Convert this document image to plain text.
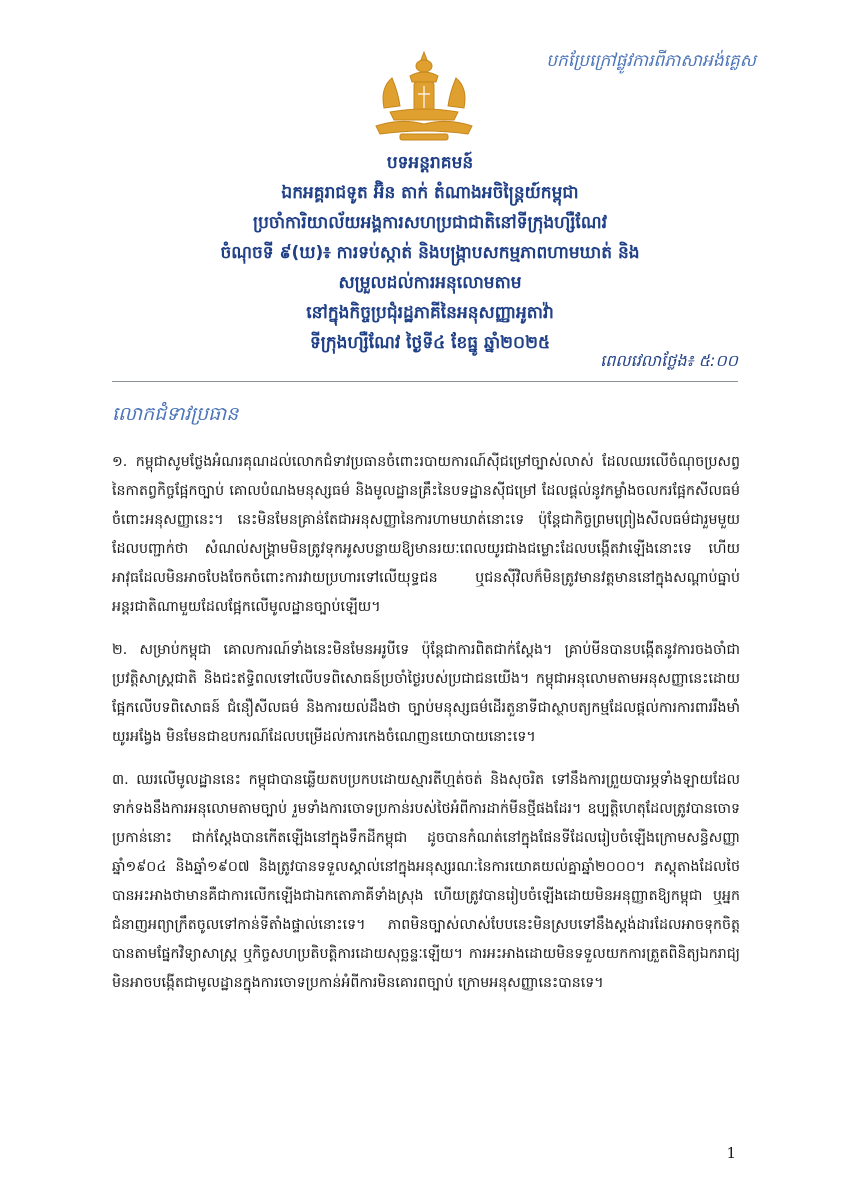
បកប្រែក្រៅផ្លូវការពីភាសាអង់គ្លេស
បទអន្តរាគមន៍
ឯកអគ្គរាជទូត អ៊ិន តាក់ តំណាងអចិន្ត្រៃយ៍កម្ពុជា
ប្រចាំការិយាល័យអង្គការសហប្រជាជាតិនៅទីក្រុងហ្សឺណែវ
ចំណុចទី ៩(ឃ)៖ ការទប់ស្កាត់ និងបង្ក្រាបសកម្មភាពហាមឃាត់ និង
សម្រួលដល់ការអនុលោមតាម
នៅក្នុងកិច្ចប្រជុំរដ្ឋភាគីនៃអនុសញ្ញាអូតាវ៉ា
ទីក្រុងហ្សឺណែវ ថ្ងៃទី៤ ខែធ្នូ ឆ្នាំ២០២៥
ពេលវេលាថ្លែង៖ ៥:០០
លោកជំទាវប្រធាន

១. កម្ពុជាសូមថ្លែងអំណរគុណដល់លោកជំទាវប្រធានចំពោះរបាយការណ៍ស៊ីជម្រៅច្បាស់លាស់ ដែលឈរលើចំណុចប្រសព្វនៃកាតព្វកិច្ចផ្អែកច្បាប់ គោលបំណងមនុស្សធម៌ និងមូលដ្ឋានគ្រឹះនៃបទដ្ឋានស៊ីជម្រៅ ដែលផ្តល់នូវកម្លាំងចលករផ្អែកសីលធម៌ចំពោះអនុសញ្ញានេះ។ នេះមិនមែនគ្រាន់តែជាអនុសញ្ញានៃការហាមឃាត់នោះទេ ប៉ុន្តែជាកិច្ចព្រមព្រៀងសីលធម៌ជារួមមួយ ដែលបញ្ជាក់ថា សំណល់សង្គ្រាមមិនត្រូវទុកអូសបន្លាយឱ្យមានរយៈពេលយូរជាងជម្លោះដែលបង្កើតវាឡើងនោះទេ ហើយអាវុធដែលមិនអាចបែងចែកចំពោះការវាយប្រហារទៅលើយុទ្ធជន ឬជនស៊ីវិលក៏មិនត្រូវមានវត្តមាននៅក្នុងសណ្តាប់ធ្នាប់អន្តរជាតិណាមួយដែលផ្អែកលើមូលដ្ឋានច្បាប់ឡើយ។

២. សម្រាប់កម្ពុជា គោលការណ៍ទាំងនេះមិនមែនអរូបីទេ ប៉ុន្តែជាការពិតជាក់ស្តែង។ គ្រាប់មីនបានបង្កើតនូវការចងចាំជាប្រវត្តិសាស្ត្រជាតិ និងជះឥទ្ធិពលទៅលើបទពិសោធន៍ប្រចាំថ្ងៃរបស់ប្រជាជនយើង។ កម្ពុជាអនុលោមតាមអនុសញ្ញានេះដោយផ្អែកលើបទពិសោធន៍ ជំនឿសីលធម៌ និងការយល់ដឹងថា ច្បាប់មនុស្សធម៌ដើរតួនាទីជាស្ថាបត្យកម្មដែលផ្តល់ការការពាររឹងមាំយូរអង្វែង មិនមែនជាឧបករណ៍ដែលបម្រើដល់ការកេងចំណេញនយោបាយនោះទេ។

៣. ឈរលើមូលដ្ឋាននេះ កម្ពុជាបានឆ្លើយតបប្រកបដោយស្មារតីហ្មត់ចត់ និងសុចរិត ទៅនឹងការព្រួយបារម្ភទាំងឡាយដែលទាក់ទងនឹងការអនុលោមតាមច្បាប់ រួមទាំងការចោទប្រកាន់របស់ថៃអំពីការដាក់មីនថ្មីផងដែរ។ ឧប្បត្តិហេតុដែលត្រូវបានចោទប្រកាន់នោះ ជាក់ស្តែងបានកើតឡើងនៅក្នុងទឹកដីកម្ពុជា ដូចបានកំណត់នៅក្នុងផែនទីដែលរៀបចំឡើងក្រោមសន្ធិសញ្ញាឆ្នាំ១៩០៤ និងឆ្នាំ១៩០៧ និងត្រូវបានទទួលស្គាល់នៅក្នុងអនុស្សរណៈនៃការយោគយល់គ្នាឆ្នាំ២០០០។ ភស្តុតាងដែលថៃបានអះអាងថាមានគឺជាការលើកឡើងជាឯកតោភាគីទាំងស្រុង ហើយត្រូវបានរៀបចំឡើងដោយមិនអនុញ្ញាតឱ្យកម្ពុជា ឬអ្នកជំនាញអព្យាក្រឹតចូលទៅកាន់ទីតាំងផ្ទាល់នោះទេ។ ភាពមិនច្បាស់លាស់បែបនេះមិនស្របទៅនឹងស្តង់ដារដែលអាចទុកចិត្តបានតាមផ្នែកវិទ្យាសាស្ត្រ ឬកិច្ចសហប្រតិបត្តិការដោយសុច្ឆន្ទៈឡើយ។ ការអះអាងដោយមិនទទួលយកការត្រួតពិនិត្យឯករាជ្យ មិនអាចបង្កើតជាមូលដ្ឋានក្នុងការចោទប្រកាន់អំពីការមិនគោរពច្បាប់ ក្រោមអនុសញ្ញានេះបានទេ។

1
